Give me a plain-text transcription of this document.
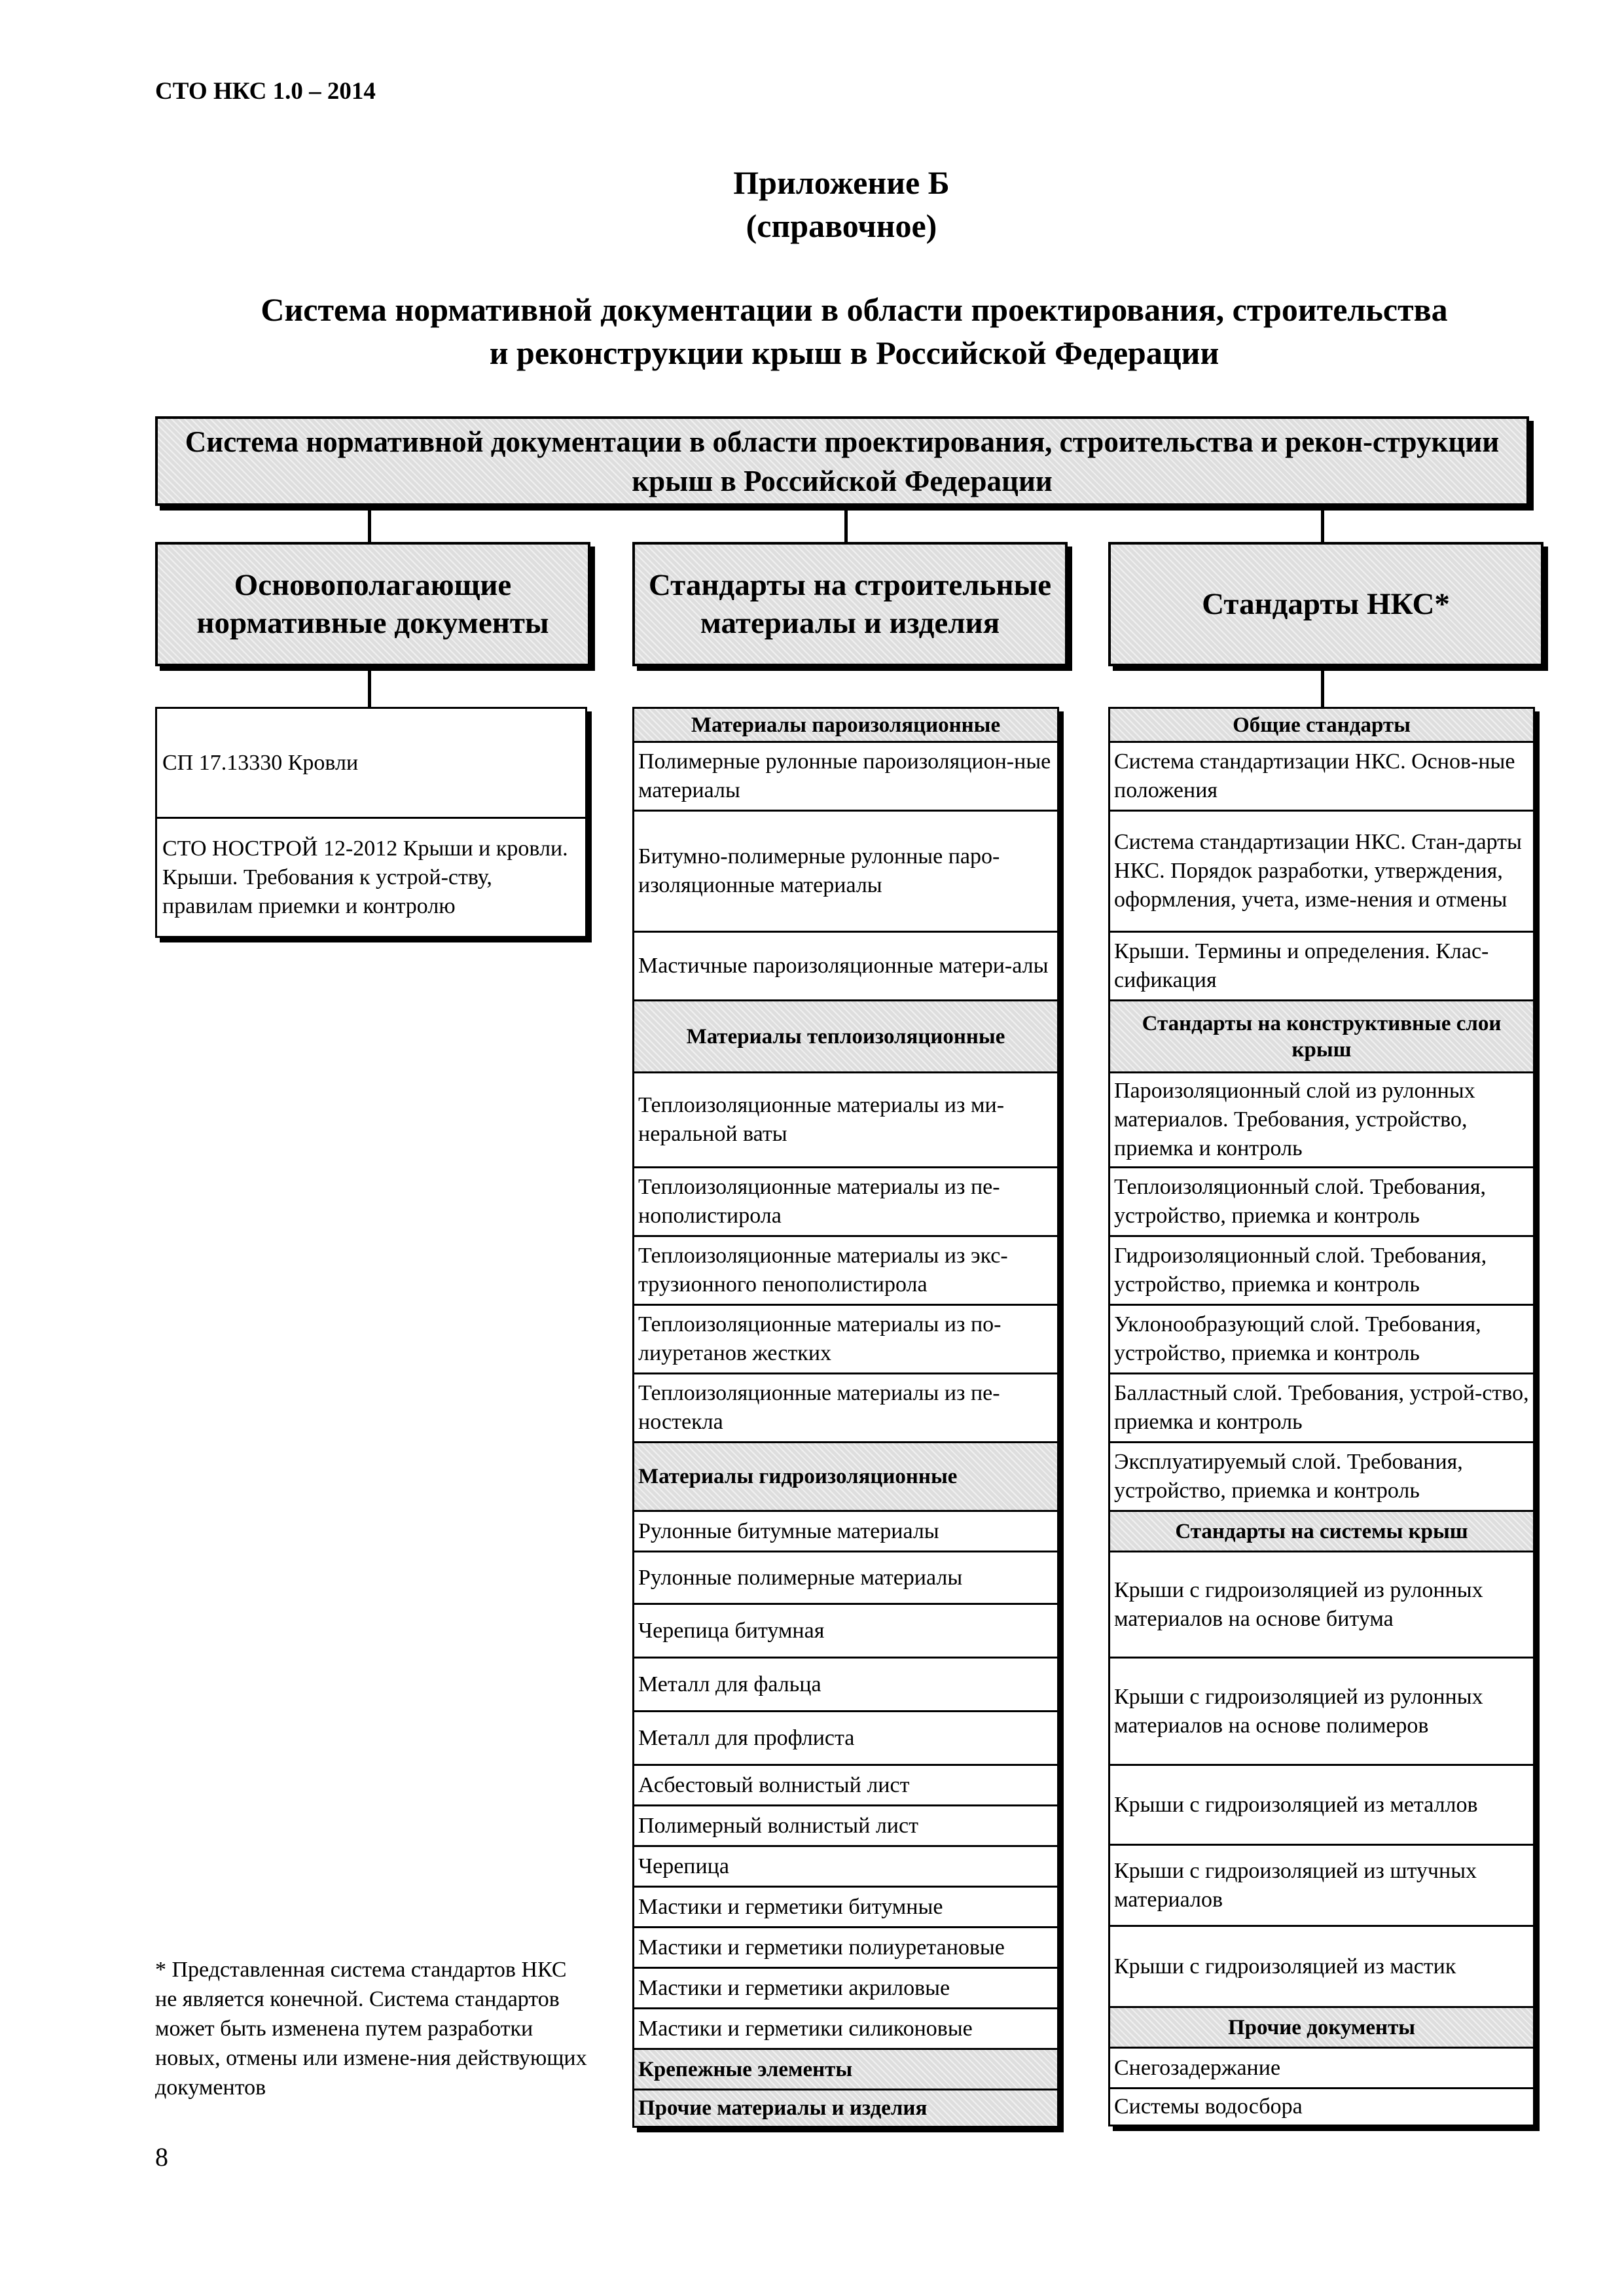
СТО НКС 1.0 – 2014
Приложение Б
(справочное)
Система нормативной документации в области проектирования, строительства
и реконструкции крыш в Российской Федерации
Система нормативной документации в области проектирования, строительства и рекон-струкции крыш в Российской Федерации
Основополагающие нормативные документы
Стандарты на строительные материалы и изделия
Стандарты НКС*
СП 17.13330 Кровли
СТО НОСТРОЙ 12-2012 Крыши и кровли. Крыши. Требования к устрой-ству, правилам приемки и контролю
Материалы пароизоляционные
Полимерные рулонные пароизоляцион-ные материалы
Битумно-полимерные рулонные паро-изоляционные материалы
Мастичные пароизоляционные матери-алы
Материалы теплоизоляционные
Теплоизоляционные материалы из ми-неральной ваты
Теплоизоляционные материалы из пе-нополистирола
Теплоизоляционные материалы из экс-трузионного пенополистирола
Теплоизоляционные материалы из по-лиуретанов жестких
Теплоизоляционные материалы из пе-ностекла
Материалы гидроизоляционные
Рулонные битумные материалы
Рулонные полимерные материалы
Черепица битумная
Металл для фальца
Металл для профлиста
Асбестовый волнистый лист
Полимерный волнистый лист
Черепица
Мастики и герметики битумные
Мастики и герметики полиуретановые
Мастики и герметики акриловые
Мастики и герметики силиконовые
Крепежные элементы
Прочие материалы и изделия
Общие стандарты
Система стандартизации НКС. Основ-ные положения
Система стандартизации НКС. Стан-дарты НКС. Порядок разработки, утверждения, оформления, учета, изме-нения и отмены
Крыши. Термины и определения. Клас-сификация
Стандарты на конструктивные слои крыш
Пароизоляционный слой из рулонных материалов. Требования, устройство, приемка и контроль
Теплоизоляционный слой. Требования, устройство, приемка и контроль
Гидроизоляционный слой. Требования, устройство, приемка и контроль
Уклонообразующий слой. Требования, устройство, приемка и контроль
Балластный слой. Требования, устрой-ство, приемка и контроль
Эксплуатируемый слой. Требования, устройство, приемка и контроль
Стандарты на системы крыш
Крыши с гидроизоляцией из рулонных материалов на основе битума
Крыши с гидроизоляцией из рулонных материалов на основе полимеров
Крыши с гидроизоляцией из металлов
Крыши с гидроизоляцией из штучных материалов
Крыши с гидроизоляцией из мастик
Прочие документы
Снегозадержание
Системы водосбора
* Представленная система стандартов НКС не является конечной. Система стандартов может быть изменена путем разработки новых, отмены или измене-ния действующих документов
8
